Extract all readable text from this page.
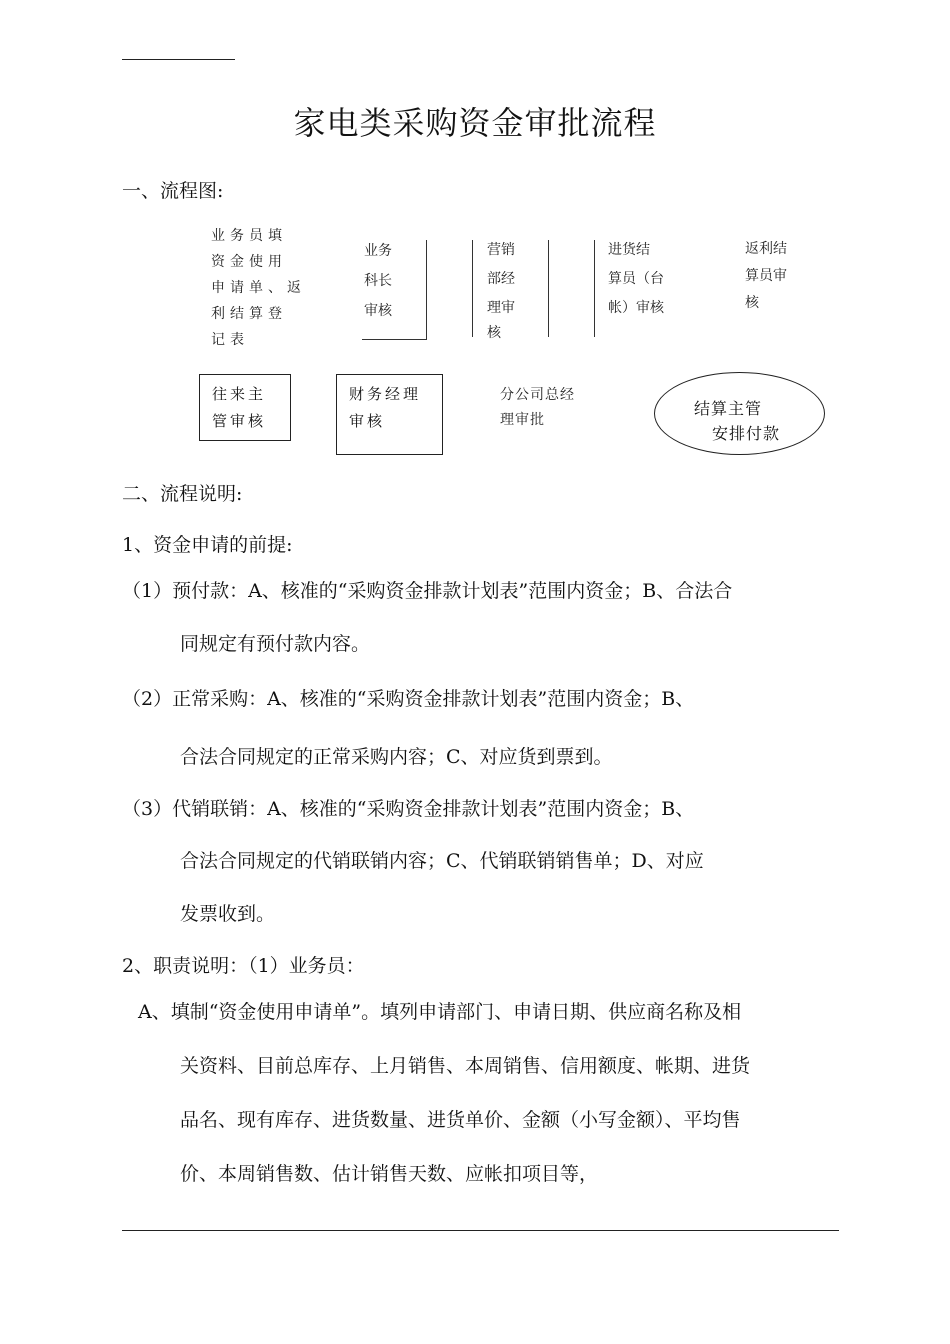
家电类采购资金审批流程
一、流程图:
业务员填
资金使用
申请单、返
利结算登
记表
业务
科长
审核
营销
部经
理审
核
进货结
算员（台
帐）审核
返利结
算员审
核
往来主
管审核
财务经理
审核
分公司总经
理审批
结算主管
安排付款
二、流程说明:
1、资金申请的前提:
（1）预付款：A、核准的“采购资金排款计划表”范围内资金；B、合法合
同规定有预付款内容。
（2）正常采购：A、核准的“采购资金排款计划表”范围内资金；B、
合法合同规定的正常采购内容；C、对应货到票到。
（3）代销联销：A、核准的“采购资金排款计划表”范围内资金；B、
合法合同规定的代销联销内容；C、代销联销销售单；D、对应
发票收到。
2、职责说明：（1）业务员：
A、填制“资金使用申请单”。填列申请部门、申请日期、供应商名称及相
关资料、目前总库存、上月销售、本周销售、信用额度、帐期、进货
品名、现有库存、进货数量、进货单价、金额（小写金额）、平均售
价、本周销售数、估计销售天数、应帐扣项目等，
